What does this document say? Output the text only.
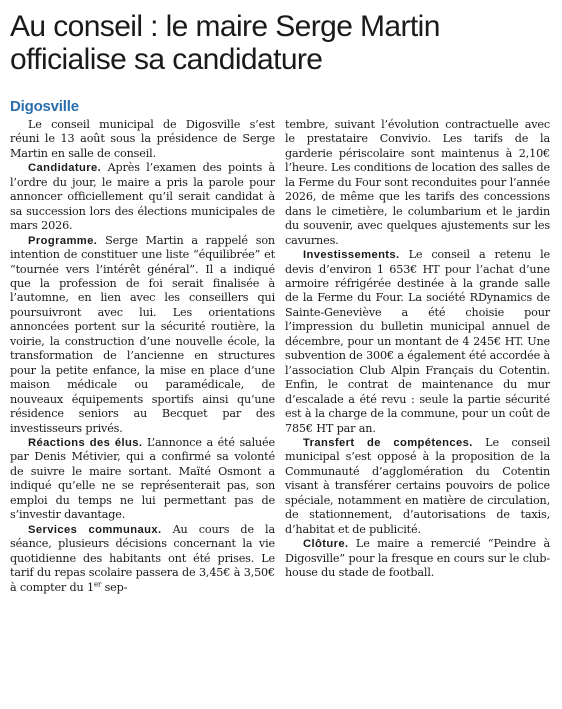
Au conseil : le maire Serge Martin officialise sa candidature
Digosville

Le conseil municipal de Digosville s’est réuni le 13 août sous la présidence de Serge Martin en salle de conseil.

Candidature. Après l’examen des points à l’ordre du jour, le maire a pris la parole pour annoncer officiellement qu’il serait candidat à sa succession lors des élections municipales de mars 2026.

Programme. Serge Martin a rappelé son intention de constituer une liste “équilibrée” et “tournée vers l’intérêt général”. Il a indiqué que la profession de foi serait finalisée à l’automne, en lien avec les conseillers qui poursuivront avec lui. Les orientations annoncées portent sur la sécurité routière, la voirie, la construction d’une nouvelle école, la transformation de l’ancienne en structures pour la petite enfance, la mise en place d’une maison médicale ou paramédicale, de nouveaux équipements sportifs ainsi qu’une résidence seniors au Becquet par des investisseurs privés.

Réactions des élus. L’annonce a été saluée par Denis Métivier, qui a confirmé sa volonté de suivre le maire sortant. Maïté Osmont a indiqué qu’elle ne se représenterait pas, son emploi du temps ne lui permettant pas de s’investir davantage.

Services communaux. Au cours de la séance, plusieurs décisions concernant la vie quotidienne des habitants ont été prises. Le tarif du repas scolaire passera de 3,45€ à 3,50€ à compter du 1er sep-

tembre, suivant l’évolution contractuelle avec le prestataire Convivio. Les tarifs de la garderie périscolaire sont maintenus à 2,10€ l’heure. Les conditions de location des salles de la Ferme du Four sont reconduites pour l’année 2026, de même que les tarifs des concessions dans le cimetière, le columbarium et le jardin du souvenir, avec quelques ajustements sur les cavurnes.

Investissements. Le conseil a retenu le devis d’environ 1 653€ HT pour l’achat d’une armoire réfrigérée destinée à la grande salle de la Ferme du Four. La société RDynamics de Sainte-Geneviève a été choisie pour l’impression du bulletin municipal annuel de décembre, pour un montant de 4 245€ HT. Une subvention de 300€ a également été accordée à l’association Club Alpin Français du Cotentin. Enfin, le contrat de maintenance du mur d’escalade a été revu : seule la partie sécurité est à la charge de la commune, pour un coût de 785€ HT par an.

Transfert de compétences. Le conseil municipal s’est opposé à la proposition de la Communauté d’agglomération du Cotentin visant à transférer certains pouvoirs de police spéciale, notamment en matière de circulation, de stationnement, d’autorisations de taxis, d’habitat et de publicité.

Clôture. Le maire a remercié “Peindre à Digosville” pour la fresque en cours sur le club-house du stade de football.
